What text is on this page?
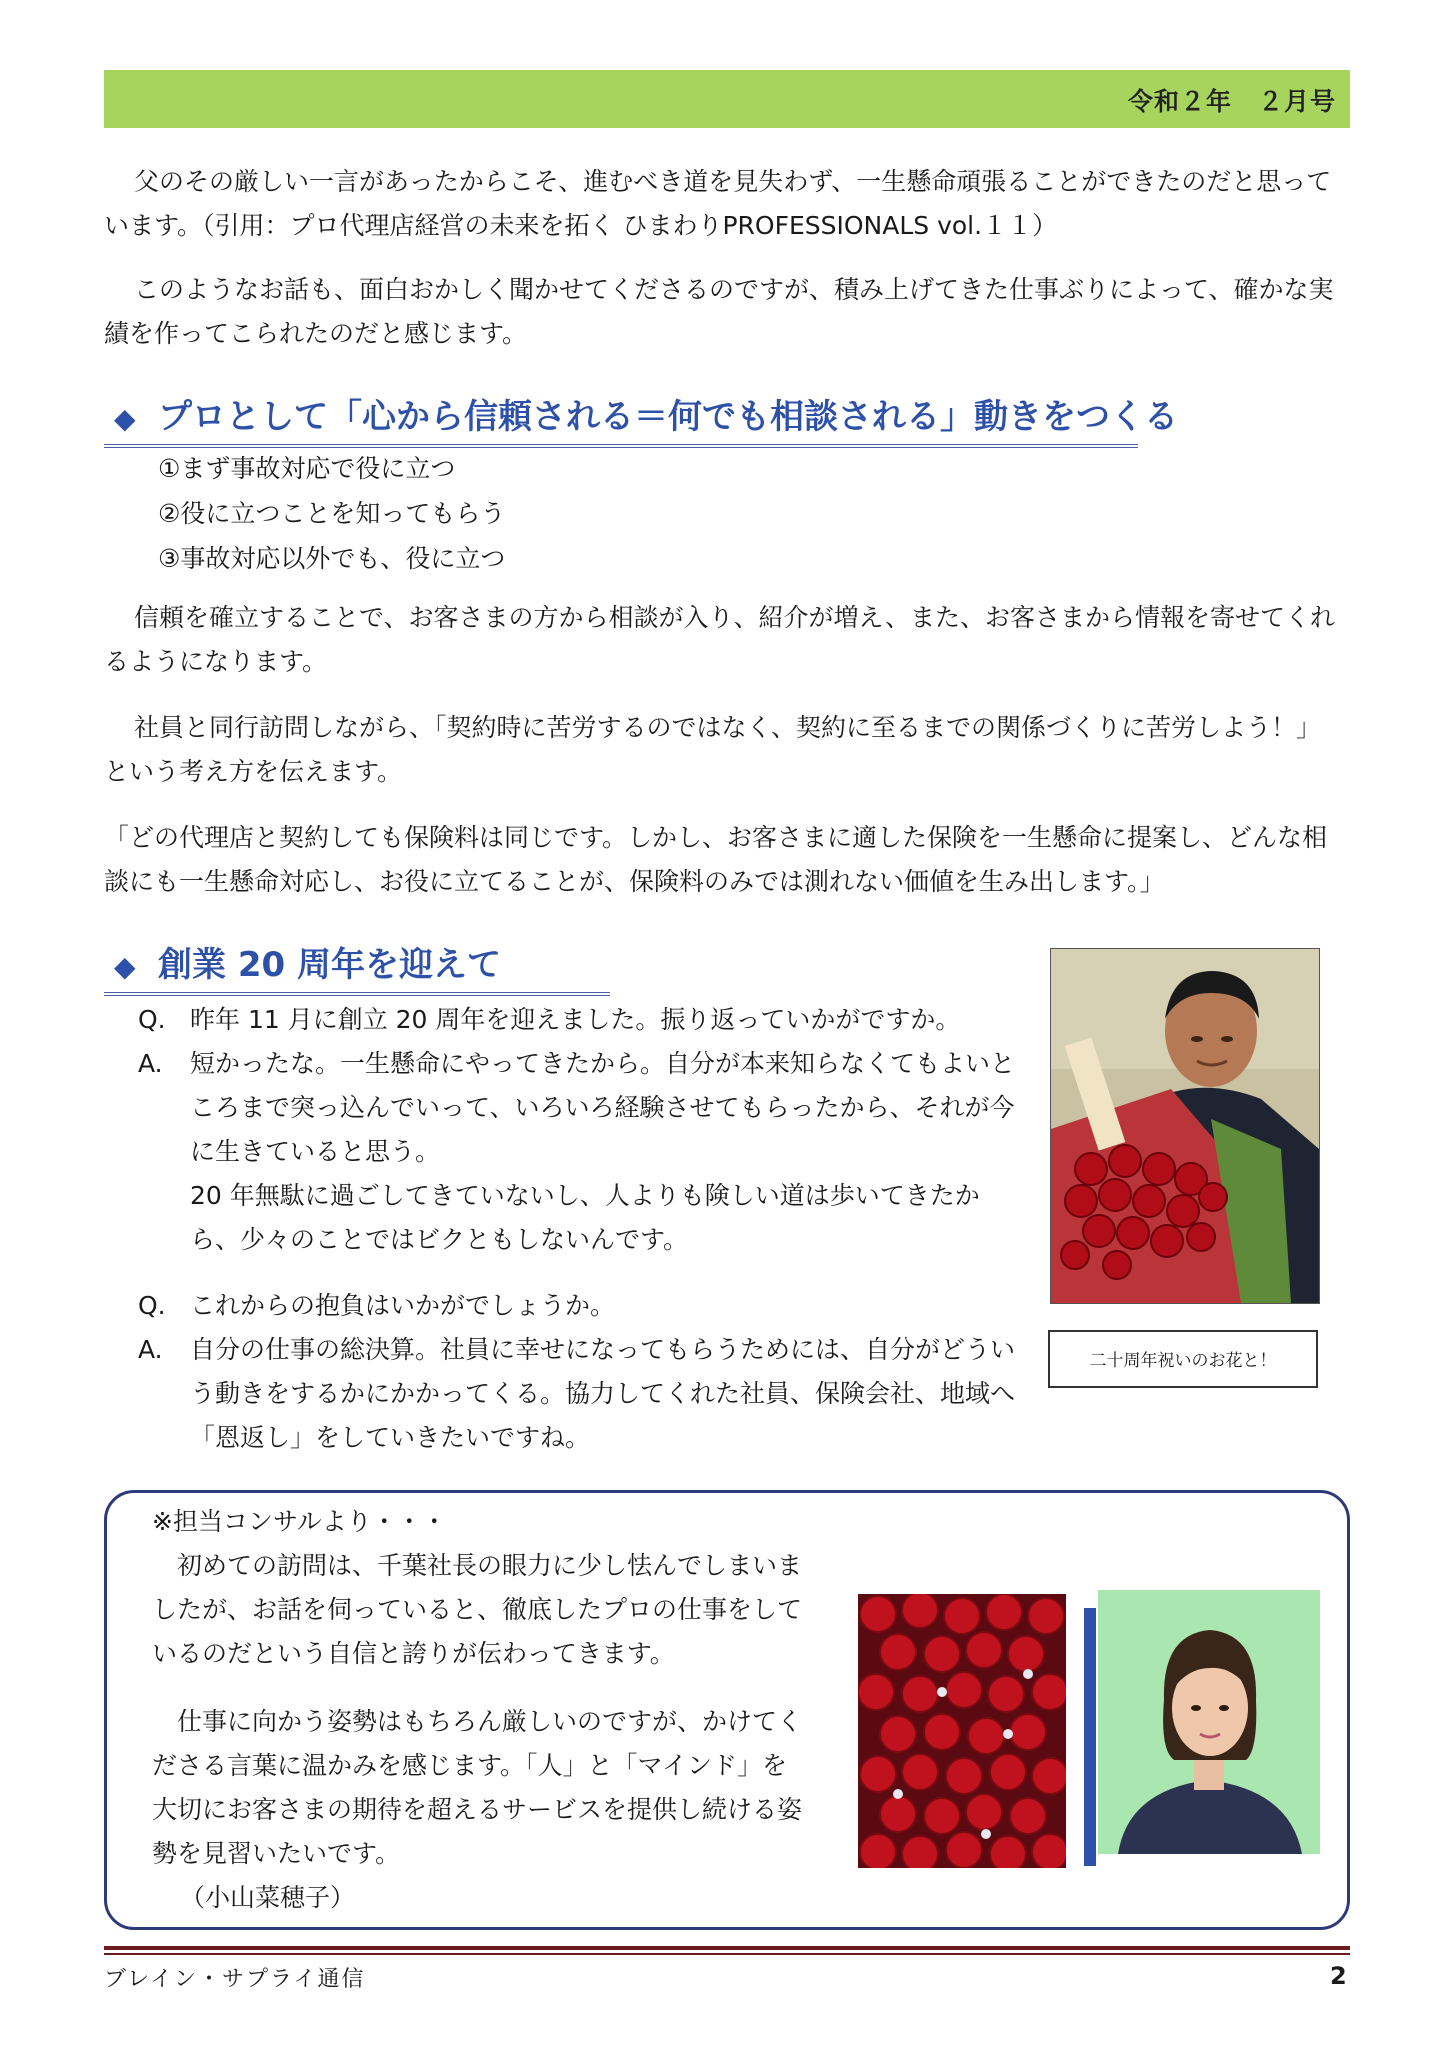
令和２年　２月号

父のその厳しい一言があったからこそ、進むべき道を見失わず、一生懸命頑張ることができたのだと思っています。（引用：プロ代理店経営の未来を拓く ひまわりPROFESSIONALS vol.１１）

このようなお話も、面白おかしく聞かせてくださるのですが、積み上げてきた仕事ぶりによって、確かな実績を作ってこられたのだと感じます。

◆ プロとして「心から信頼される＝何でも相談される」動きをつくる
①まず事故対応で役に立つ
②役に立つことを知ってもらう
③事故対応以外でも、役に立つ

信頼を確立することで、お客さまの方から相談が入り、紹介が増え、また、お客さまから情報を寄せてくれるようになります。

社員と同行訪問しながら、「契約時に苦労するのではなく、契約に至るまでの関係づくりに苦労しよう！」という考え方を伝えます。

「どの代理店と契約しても保険料は同じです。しかし、お客さまに適した保険を一生懸命に提案し、どんな相談にも一生懸命対応し、お役に立てることが、保険料のみでは測れない価値を生み出します。」

◆ 創業 20 周年を迎えて
Q. 昨年 11 月に創立 20 周年を迎えました。振り返っていかがですか。
A.	短かったな。一生懸命にやってきたから。自分が本来知らなくてもよいところまで突っ込んでいって、いろいろ経験させてもらったから、それが今に生きていると思う。
20 年無駄に過ごしてきていないし、人よりも険しい道は歩いてきたから、少々のことではビクともしないんです。
Q. これからの抱負はいかがでしょうか。
A.	自分の仕事の総決算。社員に幸せになってもらうためには、自分がどういう動きをするかにかかってくる。協力してくれた社員、保険会社、地域へ「恩返し」をしていきたいですね。
二十周年祝いのお花と！

※担当コンサルより・・・

初めての訪問は、千葉社長の眼力に少し怯んでしまいましたが、お話を伺っていると、徹底したプロの仕事をしているのだという自信と誇りが伝わってきます。

仕事に向かう姿勢はもちろん厳しいのですが、かけてくださる言葉に温かみを感じます。「人」と「マインド」を大切にお客さまの期待を超えるサービスを提供し続ける姿勢を見習いたいです。

（小山菜穂子）

ブレイン・サプライ通信	2
